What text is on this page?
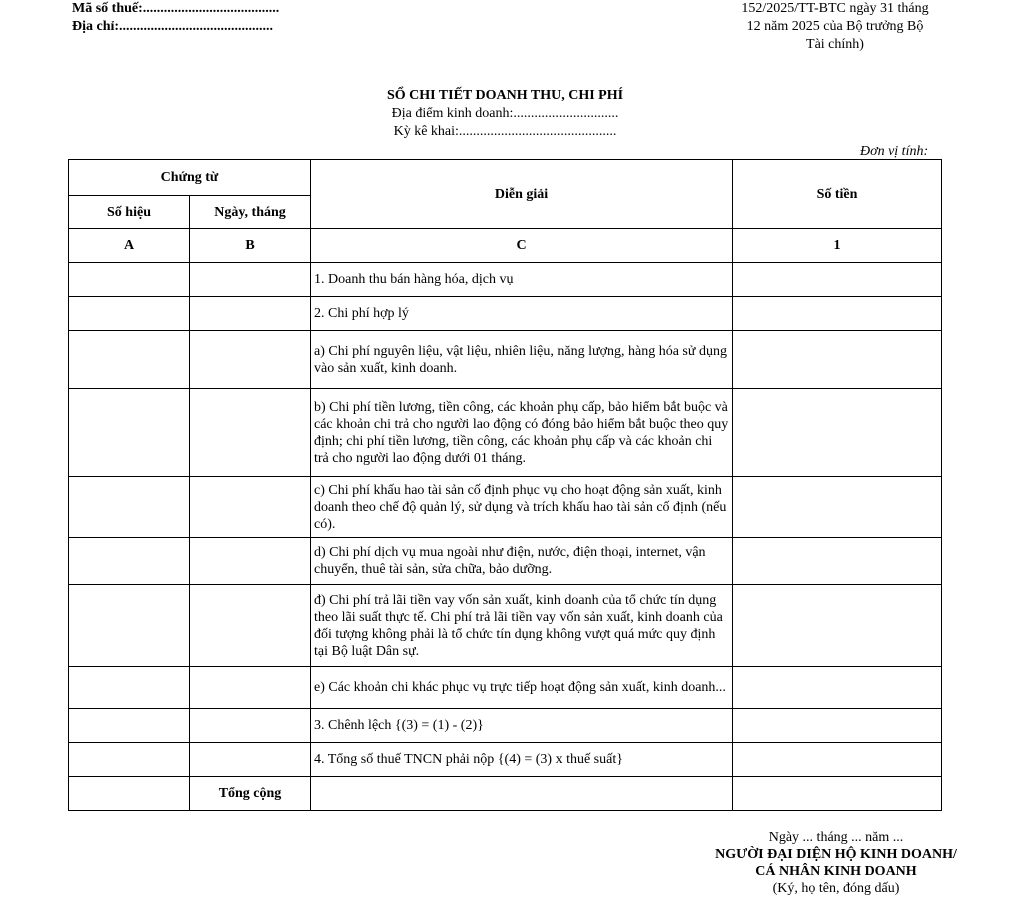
Mã số thuế:.......................................
Địa chỉ:............................................
152/2025/TT-BTC ngày 31 tháng
12 năm 2025 của Bộ trưởng Bộ
Tài chính)
SỔ CHI TIẾT DOANH THU, CHI PHÍ
Địa điểm kinh doanh:..............................
Kỳ kê khai:.............................................
Đơn vị tính:
Chứng từ		Diễn giải	Số tiền
Số hiệu	Ngày, tháng		
A	B	C	1
		1. Doanh thu bán hàng hóa, dịch vụ	
		2. Chi phí hợp lý	
		a) Chi phí nguyên liệu, vật liệu, nhiên liệu, năng lượng, hàng hóa sử dụng vào sản xuất, kinh doanh.	
		b) Chi phí tiền lương, tiền công, các khoản phụ cấp, bảo hiểm bắt buộc và các khoản chi trả cho người lao động có đóng bảo hiểm bắt buộc theo quy định; chi phí tiền lương, tiền công, các khoản phụ cấp và các khoản chi trả cho người lao động dưới 01 tháng.	
		c) Chi phí khấu hao tài sản cố định phục vụ cho hoạt động sản xuất, kinh doanh theo chế độ quản lý, sử dụng và trích khấu hao tài sản cố định (nếu có).	
		d) Chi phí dịch vụ mua ngoài như điện, nước, điện thoại, internet, vận chuyển, thuê tài sản, sửa chữa, bảo dưỡng.	
		đ) Chi phí trả lãi tiền vay vốn sản xuất, kinh doanh của tổ chức tín dụng theo lãi suất thực tế. Chi phí trả lãi tiền vay vốn sản xuất, kinh doanh của đối tượng không phải là tổ chức tín dụng không vượt quá mức quy định tại Bộ luật Dân sự.	
		e) Các khoản chi khác phục vụ trực tiếp hoạt động sản xuất, kinh doanh...	
		3. Chênh lệch {(3) = (1) - (2)}	
		4. Tổng số thuế TNCN phải nộp {(4) = (3) x thuế suất}	
	Tổng cộng		
Ngày ... tháng ... năm ...
NGƯỜI ĐẠI DIỆN HỘ KINH DOANH/
CÁ NHÂN KINH DOANH
(Ký, họ tên, đóng dấu)
